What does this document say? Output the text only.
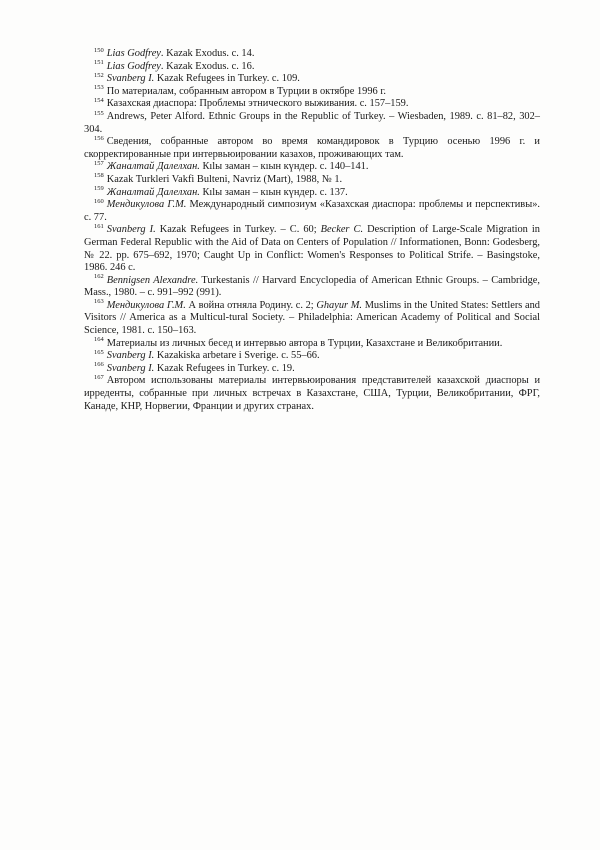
$^{150}$ Lias Godfrey. Kazak Exodus. с. 14.

$^{151}$ Lias Godfrey. Kazak Exodus. с. 16.

$^{152}$ Svanberg I. Kazak Refugees in Turkey. с. 109.

$^{153}$ По материалам, собранным автором в Турции в октябре 1996 г.

$^{154}$ Казахская диаспора: Проблемы этнического выживания. с. 157–159.

$^{155}$ Andrews, Peter Alford. Ethnic Groups in the Republic of Turkey. – Wiesbaden, 1989. с. 81–82, 302–304.

$^{156}$ Сведения, собранные автором во время командировок в Турцию осенью 1996 г. и скорректированные при интервьюировании казахов, проживающих там.

$^{157}$ Жаналтай Далелхан. Кılы заман – кıын күндер. с. 140–141.

$^{158}$ Kazak Turkleri Vakfi Bulteni, Navriz (Mart), 1988, № 1.

$^{159}$ Жаналтай Далелхан. Кılы заман – кıын күндер. с. 137.

$^{160}$ Мендикулова Г.М. Международный симпозиум «Казахская диаспора: проблемы и перспективы». с. 77.

$^{161}$ Svanberg I. Kazak Refugees in Turkey. – С. 60; Becker C. Description of Large-Scale Migration in German Federal Republic with the Aid of Data on Centers of Population // Informationen, Bonn: Godesberg, № 22. pp. 675–692, 1970; Caught Up in Conflict: Women's Responses to Political Strife. – Basingstoke, 1986. 246 с.

$^{162}$ Bennigsen Alexandre. Turkestanis // Harvard Encyclopedia of American Ethnic Groups. – Cambridge, Mass., 1980. – с. 991–992 (991).

$^{163}$ Мендикулова Г.М. А война отняла Родину. с. 2; Ghayur M. Muslims in the United States: Settlers and Visitors // America as a Multicul-tural Society. – Philadelphia: American Academy of Political and Social Science, 1981. с. 150–163.

$^{164}$ Материалы из личных бесед и интервью автора в Турции, Казахстане и Великобритании.

$^{165}$ Svanberg I. Kazakiska arbetare i Sverige. с. 55–66.

$^{166}$ Svanberg I. Kazak Refugees in Turkey. с. 19.

$^{167}$ Автором использованы материалы интервьюирования представителей казахской диаспоры и ирреденты, собранные при личных встречах в Казахстане, США, Турции, Великобритании, ФРГ, Канаде, КНР, Норвегии, Франции и других странах.
